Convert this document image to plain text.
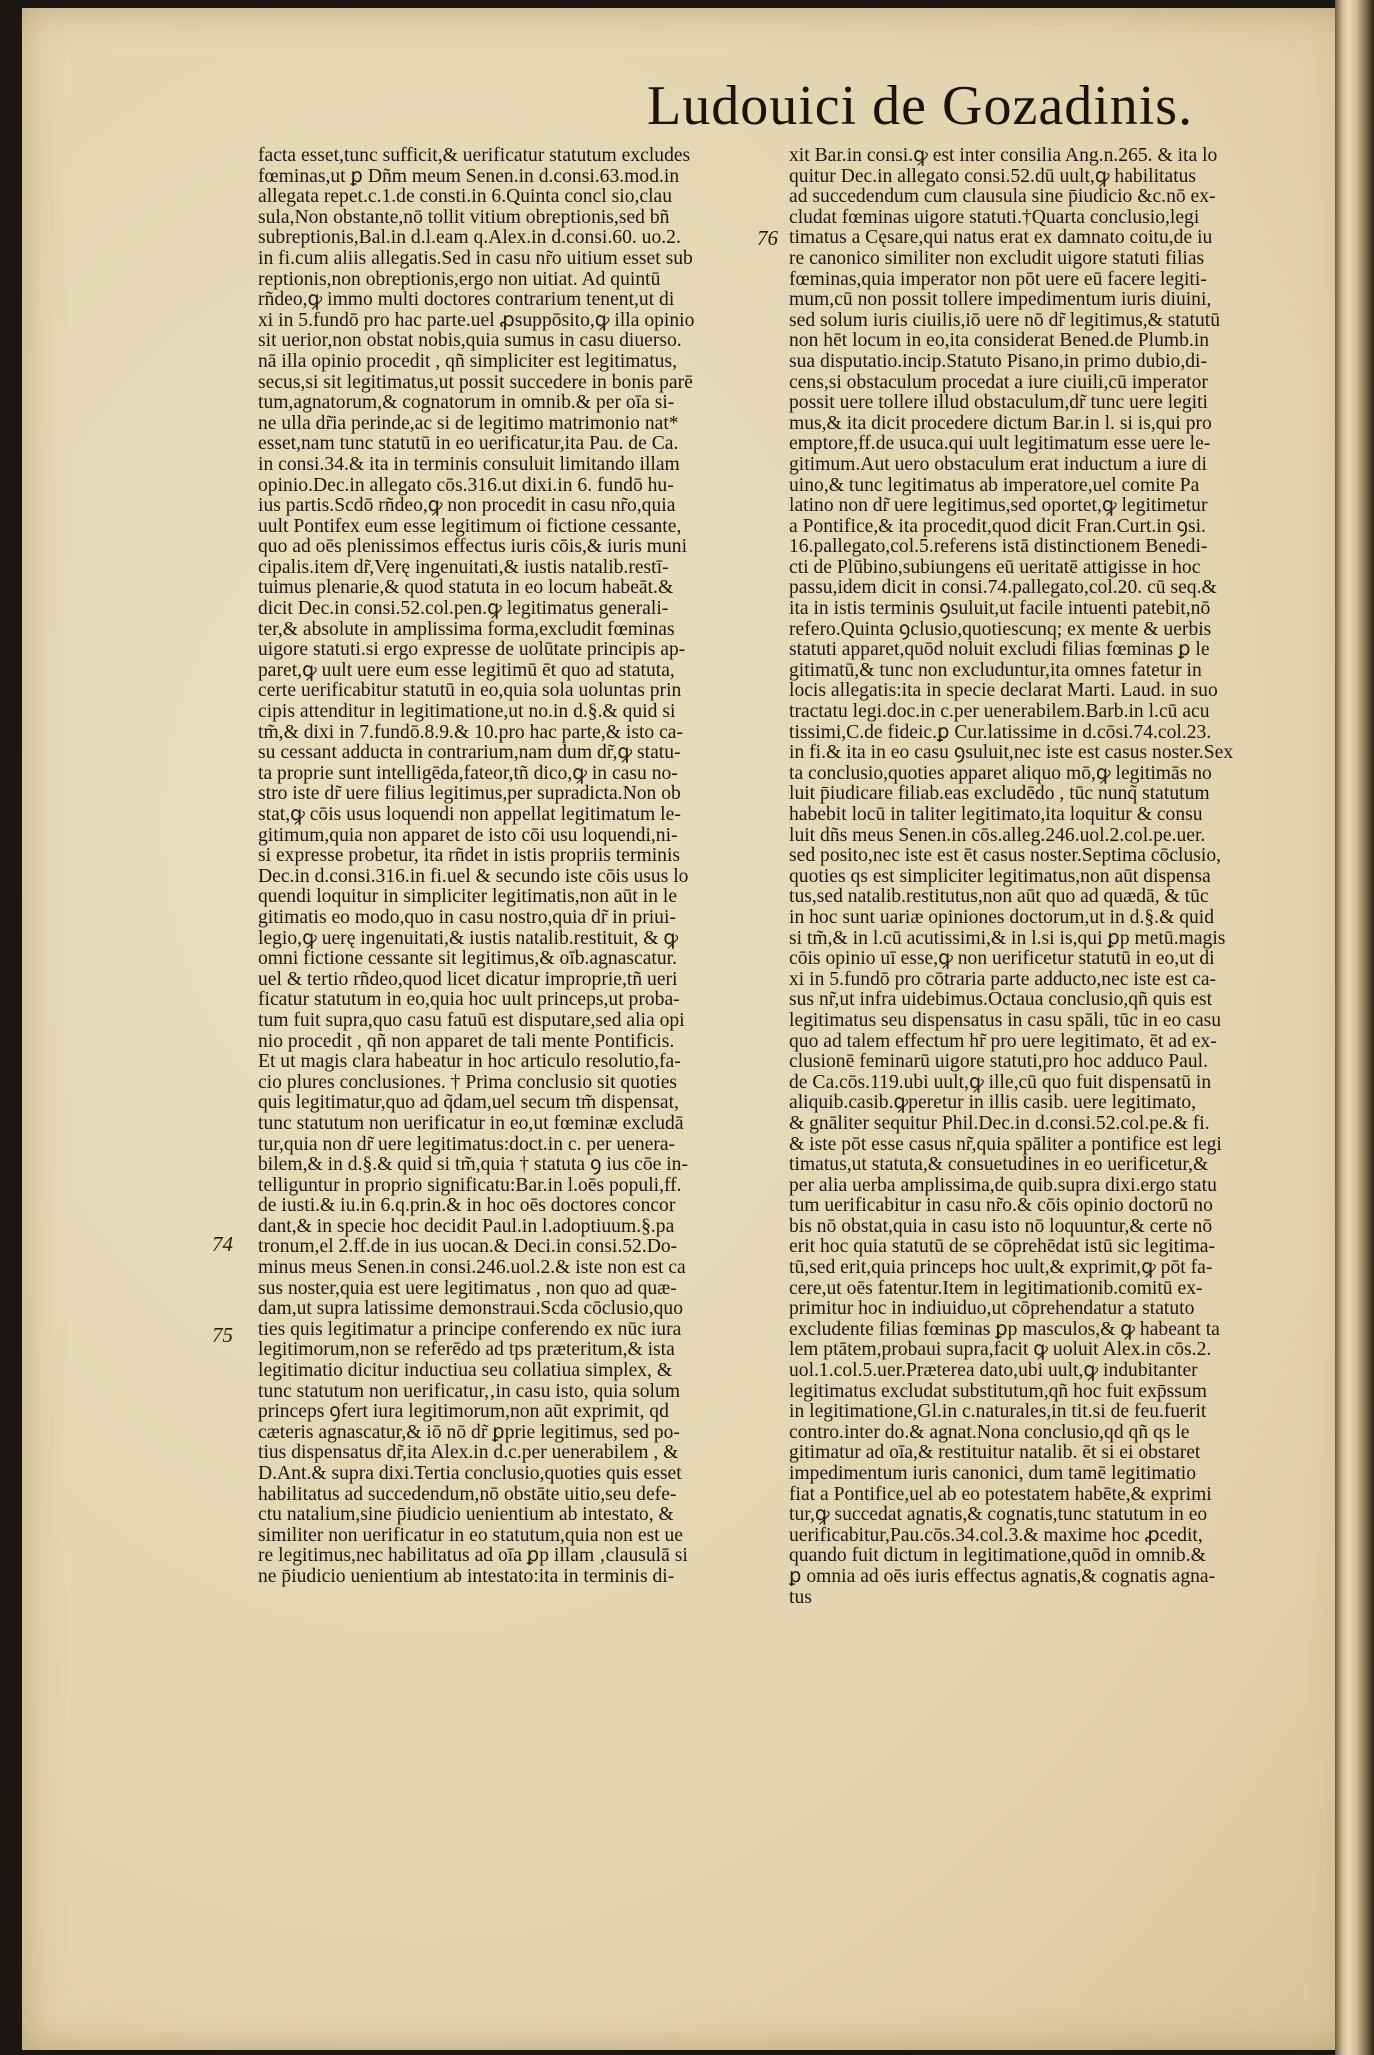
Ludouici de Gozadinis.
74
75
76
facta esset,tunc sufficit,& uerificatur statutum excludes
fœminas,ut ꝑ Dñm meum Senen.in d.consi.63.mod.in
allegata repet.c.1.de consti.in 6.Quinta concl sio,clau
sula,Non obstante,nō tollit vitium obreptionis,sed bñ
subreptionis,Bal.in d.l.eam q.Alex.in d.consi.60. uo.2.
in fi.cum aliis allegatis.Sed in casu nr̃o uitium esset sub
reptionis,non obreptionis,ergo non uitiat. Ad quintū
rñdeo,ꝙ immo multi doctores contrarium tenent,ut di
xi in 5.fundō pro hac parte.uel ꝓsuppōsito,ꝙ illa opinio
sit uerior,non obstat nobis,quia sumus in casu diuerso.
nā illa opinio procedit , qñ simpliciter est legitimatus,
secus,si sit legitimatus,ut possit succedere in bonis parē
tum,agnatorum,& cognatorum in omnib.& per oīa si-
ne ulla dr̃ia perinde,ac si de legitimo matrimonio nat*
esset,nam tunc statutū in eo uerificatur,ita Pau. de Ca.
in consi.34.& ita in terminis consuluit limitando illam
opinio.Dec.in allegato cōs.316.ut dixi.in 6. fundō hu-
ius partis.Scdō rñdeo,ꝙ non procedit in casu nr̃o,quia
uult Pontifex eum esse legitimum oi fictione cessante,
quo ad oēs plenissimos effectus iuris cōis,& iuris muni
cipalis.item dr̃,Verę ingenuitati,& iustis natalib.restī-
tuimus plenarie,& quod statuta in eo locum habeāt.&
dicit Dec.in consi.52.col.pen.ꝙ legitimatus generali-
ter,& absolute in amplissima forma,excludit fœminas
uigore statuti.si ergo expresse de uolūtate principis ap-
paret,ꝙ uult uere eum esse legitimū ēt quo ad statuta,
certe uerificabitur statutū in eo,quia sola uoluntas prin
cipis attenditur in legitimatione,ut no.in d.§.& quid si
tm̃,& dixi in 7.fundō.8.9.& 10.pro hac parte,& isto ca-
su cessant adducta in contrarium,nam dum dr̃,ꝙ statu-
ta proprie sunt intelligēda,fateor,tñ dico,ꝙ in casu no-
stro iste dr̃ uere filius legitimus,per supradicta.Non ob
stat,ꝙ cōis usus loquendi non appellat legitimatum le-
gitimum,quia non apparet de isto cōi usu loquendi,ni-
si expresse probetur, ita rñdet in istis propriis terminis
Dec.in d.consi.316.in fi.uel & secundo iste cōis usus lo
quendi loquitur in simpliciter legitimatis,non aūt in le
gitimatis eo modo,quo in casu nostro,quia dr̃ in priui-
legio,ꝙ uerę ingenuitati,& iustis natalib.restituit, & ꝙ
omni fictione cessante sit legitimus,& oīb.agnascatur.
uel & tertio rñdeo,quod licet dicatur improprie,tñ ueri
ficatur statutum in eo,quia hoc uult princeps,ut proba-
tum fuit supra,quo casu fatuū est disputare,sed alia opi
nio procedit , qñ non apparet de tali mente Pontificis.
Et ut magis clara habeatur in hoc articulo resolutio,fa-
cio plures conclusiones. † Prima conclusio sit quoties
quis legitimatur,quo ad q̃dam,uel secum tm̃ dispensat,
tunc statutum non uerificatur in eo,ut fœminæ excludā
tur,quia non dr̃ uere legitimatus:doct.in c. per uenera-
bilem,& in d.§.& quid si tm̃,quia † statuta ꝯ ius cōe in-
telliguntur in proprio significatu:Bar.in l.oēs populi,ff.
de iusti.& iu.in 6.q.prin.& in hoc oēs doctores concor
dant,& in specie hoc decidit Paul.in l.adoptiuum.§.pa
tronum,el 2.ff.de in ius uocan.& Deci.in consi.52.Do-
minus meus Senen.in consi.246.uol.2.& iste non est ca
sus noster,quia est uere legitimatus , non quo ad quæ-
dam,ut supra latissime demonstraui.Scd̃a cōclusio,quo
ties quis legitimatur a principe conferendo ex nūc iura
legitimorum,non se referēdo ad tps præteritum,& ista
legitimatio dicitur inductiua seu collatiua simplex, &
tunc statutum non uerificatur,‚in casu isto, quia solum
princeps ꝯfert iura legitimorum,non aūt exprimit, qd̃
cæteris agnascatur,& iō nō dr̃ ꝑprie legitimus, sed po-
tius dispensatus dr̃,ita Alex.in d.c.per uenerabilem , &
D.Ant.& supra dixi.Tertia conclusio,quoties quis esset
habilitatus ad succedendum,nō obstāte uitio,seu defe-
ctu natalium,sine p̄iudicio uenientium ab intestato, &
similiter non uerificatur in eo statutum,quia non est ue
re legitimus,nec habilitatus ad oīa ꝑp illam ‚clausulā si
ne p̄iudicio uenientium ab intestato:ita in terminis di-
xit Bar.in consi.ꝙ est inter consilia Ang.n.265. & ita lo
quitur Dec.in allegato consi.52.dū uult,ꝙ habilitatus
ad succedendum cum clausula sine p̄iudicio &c.nō ex-
cludat fœminas uigore statuti.†Quarta conclusio,legi
timatus a Cęsare,qui natus erat ex damnato coitu,de iu
re canonico similiter non excludit uigore statuti filias
fœminas,quia imperator non pōt uere eū facere legiti-
mum,cū non possit tollere impedimentum iuris diuini,
sed solum iuris ciuilis,iō uere nō dr̃ legitimus,& statutū
non hēt locum in eo,ita considerat Bened.de Plumb.in
sua disputatio.incip.Statuto Pisano,in primo dubio,di-
cens,si obstaculum procedat a iure ciuili,cū imperator
possit uere tollere illud obstaculum,dr̃ tunc uere legiti
mus,& ita dicit procedere dictum Bar.in l. si is,qui pro
emptore,ff.de usuca.qui uult legitimatum esse uere le-
gitimum.Aut uero obstaculum erat inductum a iure di
uino,& tunc legitimatus ab imperatore,uel comite Pa
latino non dr̃ uere legitimus,sed oportet,ꝙ legitimetur
a Pontifice,& ita procedit,quod dicit Fran.Curt.in ꝯsi.
16.pallegato,col.5.referens istā distinctionem Benedi-
cti de Plūbino,subiungens eū ueritatē attigisse in hoc
passu,idem dicit in consi.74.pallegato,col.20. cū seq.&
ita in istis terminis ꝯsuluit,ut facile intuenti patebit,nō
refero.Quinta ꝯclusio,quotiescunq; ex mente & uerbis
statuti apparet,quōd noluit excludi filias fœminas ꝑ le
gitimatū,& tunc non excluduntur,ita omnes fatetur in
locis allegatis:ita in specie declarat Marti. Laud. in suo
tractatu legi.doc.in c.per uenerabilem.Barb.in l.cū acu
tissimi,C.de fideic.ꝑ Cur.latissime in d.cōsi.74.col.23.
in fi.& ita in eo casu ꝯsuluit,nec iste est casus noster.Sex
ta conclusio,quoties apparet aliquo mō,ꝙ legitimās no
luit p̄iudicare filiab.eas excludēdo , tūc nunq̃ statutum
habebit locū in taliter legitimato,ita loquitur & consu
luit dñs meus Senen.in cōs.alleg.246.uol.2.col.pe.uer.
sed posito,nec iste est ēt casus noster.Septima cōclusio,
quoties qs est simpliciter legitimatus,non aūt dispensa
tus,sed natalib.restitutus,non aūt quo ad quædā, & tūc
in hoc sunt uariæ opiniones doctorum,ut in d.§.& quid
si tm̃,& in l.cū acutissimi,& in l.si is,qui ꝑp metū.magis
cōis opinio uī esse,ꝙ non uerificetur statutū in eo,ut di
xi in 5.fundō pro cōtraria parte adducto,nec iste est ca-
sus nr̃,ut infra uidebimus.Octaua conclusio,qñ quis est
legitimatus seu dispensatus in casu spāli, tūc in eo casu
quo ad talem effectum hr̃ pro uere legitimato, ēt ad ex-
clusionē feminarū uigore statuti,pro hoc adduco Paul.
de Ca.cōs.119.ubi uult,ꝙ ille,cū quo fuit dispensatū in
aliquib.casib.ꝙperetur in illis casib. uere legitimato,
& gnāliter sequitur Phil.Dec.in d.consi.52.col.pe.& fi.
& iste pōt esse casus nr̃,quia spāliter a pontifice est legi
timatus,ut statuta,& consuetudines in eo uerificetur,&
per alia uerba amplissima,de quib.supra dixi.ergo statu
tum uerificabitur in casu nr̃o.& cōis opinio doctorū no
bis nō obstat,quia in casu isto nō loquuntur,& certe nō
erit hoc quia statutū de se cōprehēdat istū sic legitima-
tū,sed erit,quia princeps hoc uult,& exprimit,ꝙ pōt fa-
cere,ut oēs fatentur.Item in legitimationib.comitū ex-
primitur hoc in indiuiduo,ut cōprehendatur a statuto
excludente filias fœminas ꝑp masculos,& ꝙ habeant ta
lem ptātem,probaui supra,facit ꝙ uoluit Alex.in cōs.2.
uol.1.col.5.uer.Præterea dato,ubi uult,ꝙ indubitanter
legitimatus excludat substitutum,qñ hoc fuit exp̄ssum
in legitimatione,Gl.in c.naturales,in tit.si de feu.fuerit
contro.inter do.& agnat.Nona conclusio,qd̃ qñ qs le
gitimatur ad oīa,& restituitur natalib. ēt si ei obstaret
impedimentum iuris canonici, dum tamē legitimatio
fiat a Pontifice,uel ab eo potestatem habēte,& exprimi
tur,ꝙ succedat agnatis,& cognatis,tunc statutum in eo
uerificabitur,Pau.cōs.34.col.3.& maxime hoc ꝓcedit,
quando fuit dictum in legitimatione,quōd in omnib.&
ꝑ omnia ad oēs iuris effectus agnatis,& cognatis agna-
tus
